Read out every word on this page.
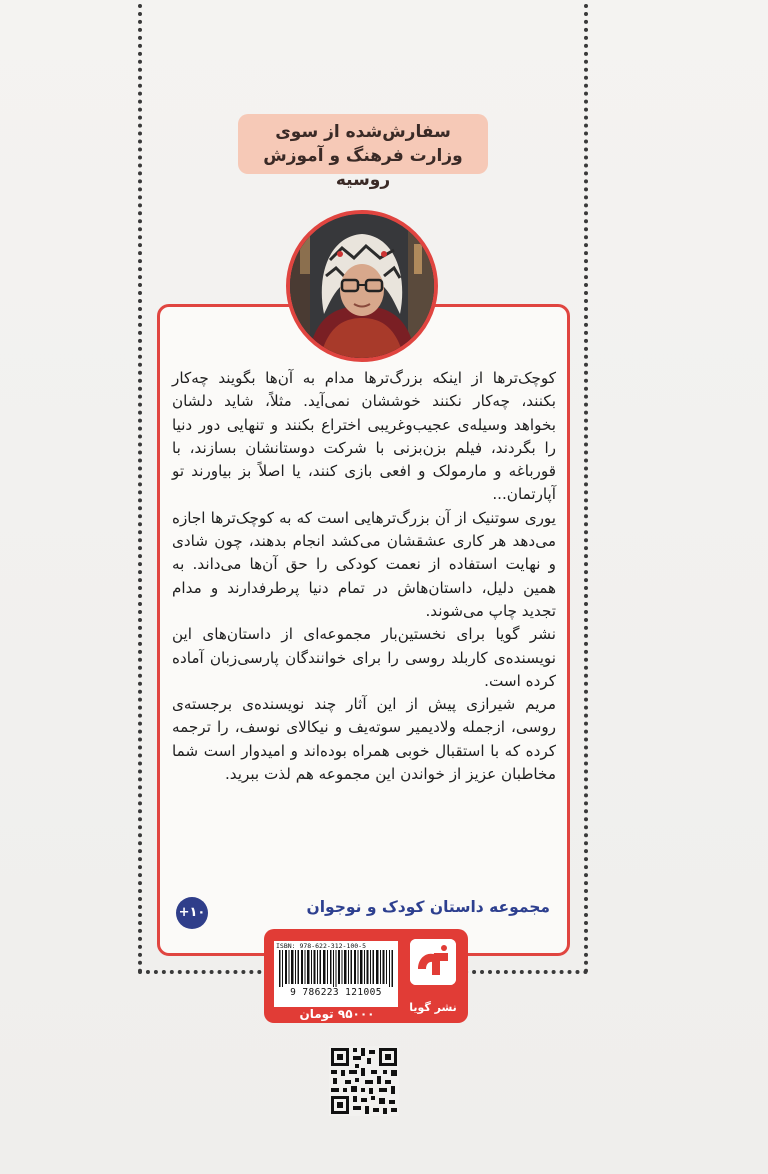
سفارش‌شده از سوی
وزارت فرهنگ و آموزش روسیه

کوچک‌ترها از اینکه بزرگ‌ترها مدام به آن‌ها بگویند چه‌کار بکنند، چه‌کار نکنند خوششان نمی‌آید. مثلاً، شاید دلشان بخواهد وسیله‌ی عجیب‌وغریبی اختراع بکنند و تنهایی دور دنیا را بگردند، فیلم بزن‌بزنی با شرکت دوستانشان بسازند، با قورباغه و مارمولک و افعی بازی کنند، یا اصلاً بز بیاورند تو آپارتمان...

یوری سوتنیک از آن بزرگ‌ترهایی است که به کوچک‌ترها اجازه می‌دهد هر کاری عشقشان می‌کشد انجام بدهند، چون شادی و نهایت استفاده از نعمت کودکی را حق آن‌ها می‌داند. به همین دلیل، داستان‌هاش در تمام دنیا پرطرفدارند و مدام تجدید چاپ می‌شوند.

نشر گویا برای نخستین‌بار مجموعه‌ای از داستان‌های این نویسنده‌ی کاربلد روسی را برای خوانندگان پارسی‌زبان آماده کرده است.

مریم شیرازی پیش از این آثار چند نویسنده‌ی برجسته‌ی روسی، ازجمله ولادیمیر سوته‌یف و نیکالای نوسف، را ترجمه کرده که با استقبال خوبی همراه بوده‌اند و امیدوار است شما مخاطبان عزیز از خواندن این مجموعه هم لذت ببرید.

مجموعه داستان کودک و نوجوان
+۱۰
ISBN: 978-622-312-100-5
9 786223 121005
۹۵۰۰۰ تومان	نشر گویا
